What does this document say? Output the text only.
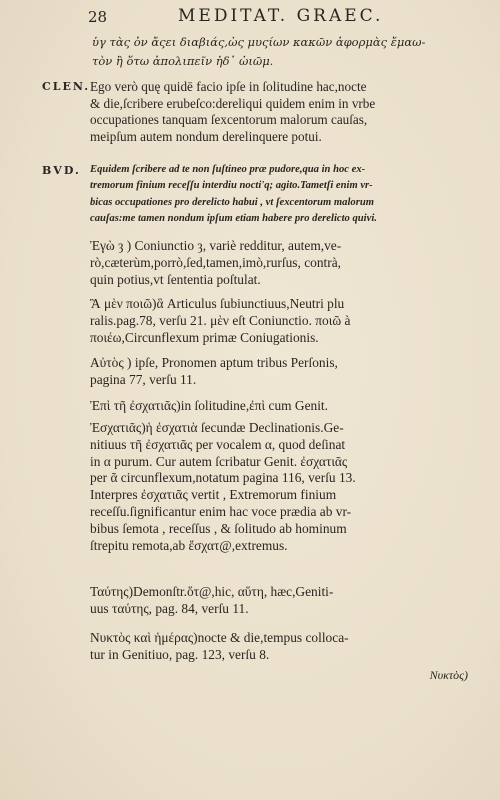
28	MEDITAT. GRAEC.
ὑγ τὰς ὀν ἄςει διαβιάς,ὡς μυςίων κακῶν ἀφορμὰς ἔμαω-
τὸν ἢ ὅτω ἀπολιπεῖν ἠδ᾽ ὠιῶμ.
CLEN. Ego verò quę quidē facio ipſe in ſolitudine hac,nocte
& die,ſcribere erubeſco:dereliqui quidem enim in vrbe
occupationes tanquam ſexcentorum malorum cauſas,
meipſum autem nondum derelinquere potui.

BVD. Equidem ſcribere ad te non ſuſtineo præ pudore,qua in hoc ex-
tremorum finium receſſu interdiu nocti'q; agito.Tametſi enim vr-
bicas occupationes pro derelicto habui , vt ſexcentorum malorum
cauſas:me tamen nondum ipſum etiam habere pro derelicto quivi.

Ἐγὼ ȝ ) Coniunctio ȝ, variè redditur, autem,ve-
rò,cæterùm,porrò,ſed,tamen,imò,rurſus, contrà,
quin potius,vt ſententia poſtulat.

Ἃ μὲν ποιῶ)ἃ Articulus ſubiunctiuus,Neutri plu
ralis.pag.78, verſu 21. μὲν eſt Coniunctio. ποιῶ à
ποιέω,Circunflexum primæ Coniugationis.

Αὐτὸς ) ipſe, Pronomen aptum tribus Perſonis,
pagina 77, verſu 11.

Ἐπὶ τῆ ἐσχατιᾶς)in ſolitudine,ἐπὶ cum Genit.

Ἐσχατιᾶς)ἡ ἐσχατιὰ ſecundæ Declinationis.Ge-
nitiuus τῆ ἐσχατιᾶς per vocalem α, quod deſinat
in α purum. Cur autem ſcribatur Genit. ἐσχατιᾶς
per ᾶ circunflexum,notatum pagina 116, verſu 13.
Interpres ἐσχατιᾶς vertit , Extremorum finium
receſſu.ſignificantur enim hac voce prædia ab vr-
bibus ſemota , receſſus , & ſolitudo ab hominum
ſtrepitu remota,ab ἔσχατ@,extremus.

Ταύτης)Demonſtr.ὅτ@,hic, αὕτη, hæc,Geniti-
uus ταύτης, pag. 84, verſu 11.

Νυκτὸς καὶ ἡμέρας)nocte & die,tempus colloca-
tur in Genitiuo, pag. 123, verſu 8.

Νυκτὸς)
